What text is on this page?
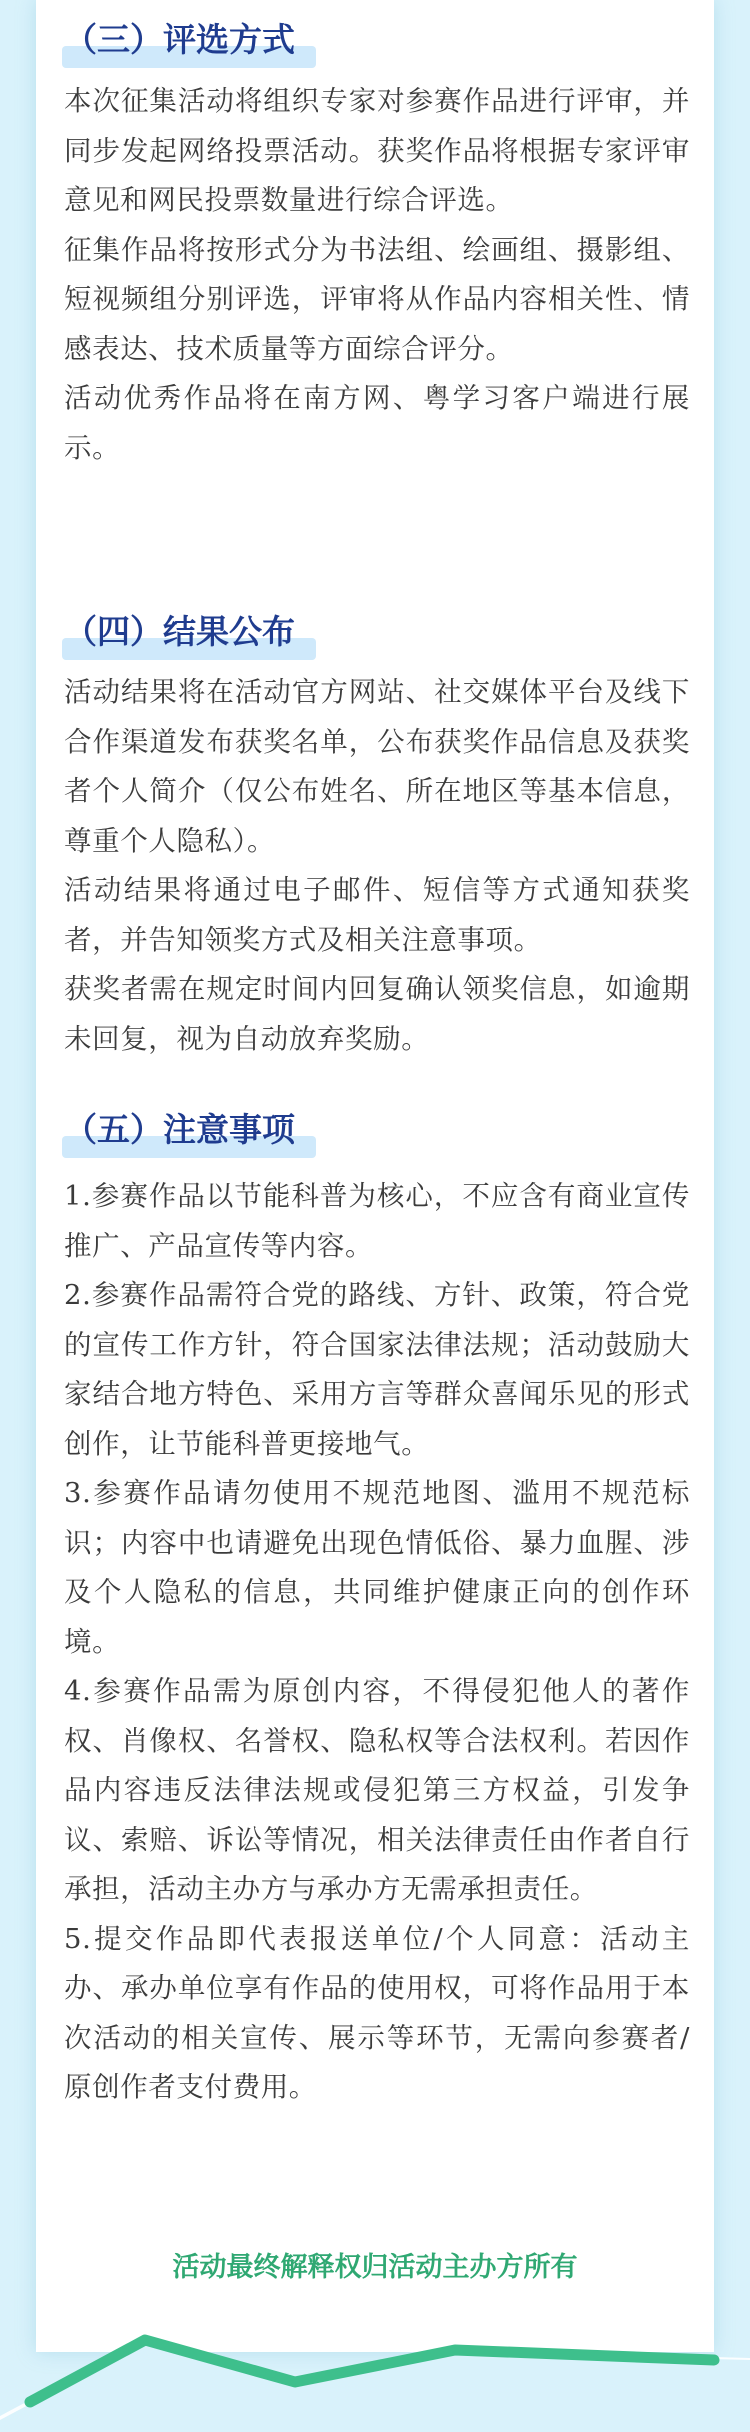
（三）评选方式

本次征集活动将组织专家对参赛作品进行评审，并同步发起网络投票活动。获奖作品将根据专家评审意见和网民投票数量进行综合评选。

征集作品将按形式分为书法组、绘画组、摄影组、短视频组分别评选，评审将从作品内容相关性、情感表达、技术质量等方面综合评分。

活动优秀作品将在南方网、粤学习客户端进行展示。

（四）结果公布

活动结果将在活动官方网站、社交媒体平台及线下合作渠道发布获奖名单，公布获奖作品信息及获奖者个人简介（仅公布姓名、所在地区等基本信息，尊重个人隐私）。

活动结果将通过电子邮件、短信等方式通知获奖者，并告知领奖方式及相关注意事项。

获奖者需在规定时间内回复确认领奖信息，如逾期未回复，视为自动放弃奖励。

（五）注意事项

1.参赛作品以节能科普为核心，不应含有商业宣传推广、产品宣传等内容。

2.参赛作品需符合党的路线、方针、政策，符合党的宣传工作方针，符合国家法律法规；活动鼓励大家结合地方特色、采用方言等群众喜闻乐见的形式创作，让节能科普更接地气。

3.参赛作品请勿使用不规范地图、滥用不规范标识；内容中也请避免出现色情低俗、暴力血腥、涉及个人隐私的信息，共同维护健康正向的创作环境。

4.参赛作品需为原创内容，不得侵犯他人的著作权、肖像权、名誉权、隐私权等合法权利。若因作品内容违反法律法规或侵犯第三方权益，引发争议、索赔、诉讼等情况，相关法律责任由作者自行承担，活动主办方与承办方无需承担责任。

5.提交作品即代表报送单位/个人同意：活动主办、承办单位享有作品的使用权，可将作品用于本次活动的相关宣传、展示等环节，无需向参赛者/原创作者支付费用。

活动最终解释权归活动主办方所有
